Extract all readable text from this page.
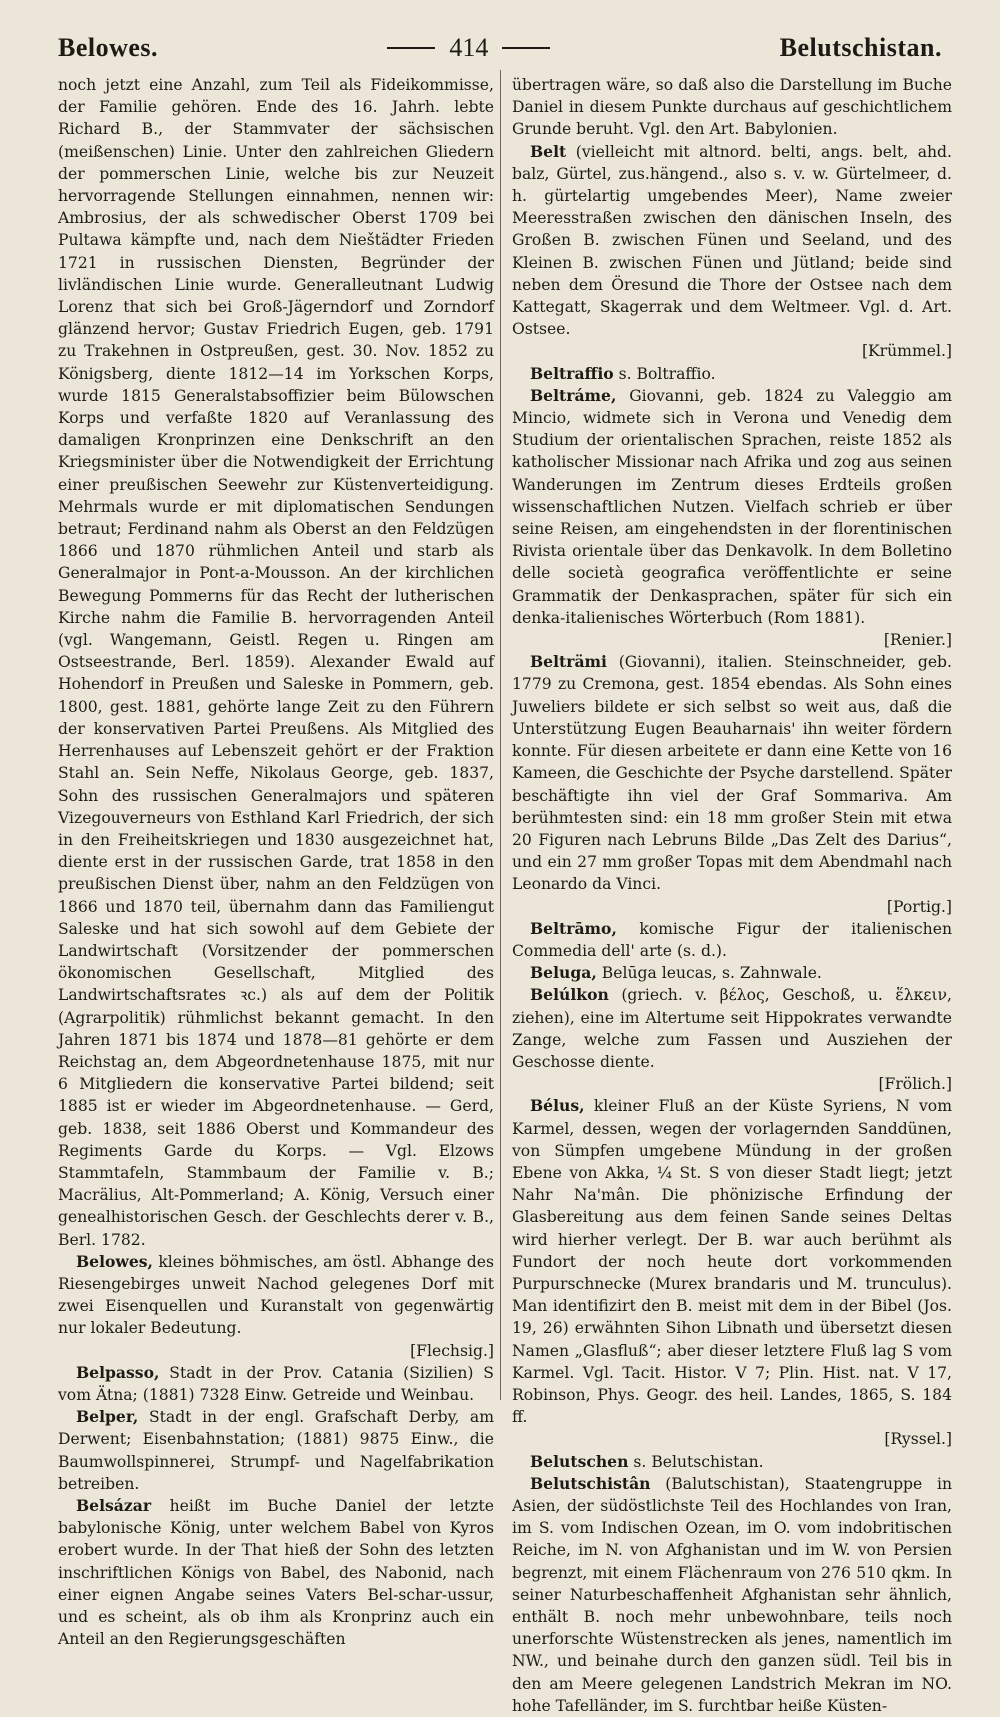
Belowes.	414	Belutschistan.

noch jetzt eine Anzahl, zum Teil als Fideikommisse, der Familie gehören. Ende des 16. Jahrh. lebte Richard B., der Stammvater der sächsischen (meißenschen) Linie. Unter den zahlreichen Gliedern der pommerschen Linie, welche bis zur Neuzeit hervorragende Stellungen einnahmen, nennen wir: Ambrosius, der als schwedischer Oberst 1709 bei Pultawa kämpfte und, nach dem Nieštädter Frieden 1721 in russischen Diensten, Begründer der livländischen Linie wurde. Generalleutnant Ludwig Lorenz that sich bei Groß-Jägerndorf und Zorndorf glänzend hervor; Gustav Friedrich Eugen, geb. 1791 zu Trakehnen in Ostpreußen, gest. 30. Nov. 1852 zu Königsberg, diente 1812—14 im Yorkschen Korps, wurde 1815 Generalstabsoffizier beim Bülowschen Korps und verfaßte 1820 auf Veranlassung des damaligen Kronprinzen eine Denkschrift an den Kriegsminister über die Notwendigkeit der Errichtung einer preußischen Seewehr zur Küstenverteidigung. Mehrmals wurde er mit diplomatischen Sendungen betraut; Ferdinand nahm als Oberst an den Feldzügen 1866 und 1870 rühmlichen Anteil und starb als Generalmajor in Pont-a-Mousson. An der kirchlichen Bewegung Pommerns für das Recht der lutherischen Kirche nahm die Familie B. hervorragenden Anteil (vgl. Wangemann, Geistl. Regen u. Ringen am Ostseestrande, Berl. 1859). Alexander Ewald auf Hohendorf in Preußen und Saleske in Pommern, geb. 1800, gest. 1881, gehörte lange Zeit zu den Führern der konservativen Partei Preußens. Als Mitglied des Herrenhauses auf Lebenszeit gehört er der Fraktion Stahl an. Sein Neffe, Nikolaus George, geb. 1837, Sohn des russischen Generalmajors und späteren Vizegouverneurs von Esthland Karl Friedrich, der sich in den Freiheitskriegen und 1830 ausgezeichnet hat, diente erst in der russischen Garde, trat 1858 in den preußischen Dienst über, nahm an den Feldzügen von 1866 und 1870 teil, übernahm dann das Familiengut Saleske und hat sich sowohl auf dem Gebiete der Landwirtschaft (Vorsitzender der pommerschen ökonomischen Gesellschaft, Mitglied des Landwirtschaftsrates ꝛc.) als auf dem der Politik (Agrarpolitik) rühmlichst bekannt gemacht. In den Jahren 1871 bis 1874 und 1878—81 gehörte er dem Reichstag an, dem Abgeordnetenhause 1875, mit nur 6 Mitgliedern die konservative Partei bildend; seit 1885 ist er wieder im Abgeordnetenhause. — Gerd, geb. 1838, seit 1886 Oberst und Kommandeur des Regiments Garde du Korps. — Vgl. Elzows Stammtafeln, Stammbaum der Familie v. B.; Macrälius, Alt-Pommerland; A. König, Versuch einer genealhistorischen Gesch. der Geschlechts derer v. B., Berl. 1782.

Belowes, kleines böhmisches, am östl. Abhange des Riesengebirges unweit Nachod gelegenes Dorf mit zwei Eisenquellen und Kuranstalt von gegenwärtig nur lokaler Bedeutung.
[Flechsig.]

Belpasso, Stadt in der Prov. Catania (Sizilien) S vom Ätna; (1881) 7328 Einw. Getreide und Weinbau.

Belper, Stadt in der engl. Grafschaft Derby, am Derwent; Eisenbahnstation; (1881) 9875 Einw., die Baumwollspinnerei, Strumpf- und Nagelfabrikation betreiben.

Belsázar heißt im Buche Daniel der letzte babylonische König, unter welchem Babel von Kyros erobert wurde. In der That hieß der Sohn des letzten inschriftlichen Königs von Babel, des Nabonid, nach einer eignen Angabe seines Vaters Bel-schar-ussur, und es scheint, als ob ihm als Kronprinz auch ein Anteil an den Regierungsgeschäften

übertragen wäre, so daß also die Darstellung im Buche Daniel in diesem Punkte durchaus auf geschichtlichem Grunde beruht. Vgl. den Art. Babylonien.

Belt (vielleicht mit altnord. belti, angs. belt, ahd. balz, Gürtel, zus.hängend., also s. v. w. Gürtelmeer, d. h. gürtelartig umgebendes Meer), Name zweier Meeresstraßen zwischen den dänischen Inseln, des Großen B. zwischen Fünen und Seeland, und des Kleinen B. zwischen Fünen und Jütland; beide sind neben dem Öresund die Thore der Ostsee nach dem Kattegatt, Skagerrak und dem Weltmeer. Vgl. d. Art. Ostsee.
[Krümmel.]

Beltraffio s. Boltraffio.

Beltráme, Giovanni, geb. 1824 zu Valeggio am Mincio, widmete sich in Verona und Venedig dem Studium der orientalischen Sprachen, reiste 1852 als katholischer Missionar nach Afrika und zog aus seinen Wanderungen im Zentrum dieses Erdteils großen wissenschaftlichen Nutzen. Vielfach schrieb er über seine Reisen, am eingehendsten in der florentinischen Rivista orientale über das Denkavolk. In dem Bolletino delle società geografica veröffentlichte er seine Grammatik der Denkasprachen, später für sich ein denka-italienisches Wörterbuch (Rom 1881).
[Renier.]

Belträmi (Giovanni), italien. Steinschneider, geb. 1779 zu Cremona, gest. 1854 ebendas. Als Sohn eines Juweliers bildete er sich selbst so weit aus, daß die Unterstützung Eugen Beauharnais' ihn weiter fördern konnte. Für diesen arbeitete er dann eine Kette von 16 Kameen, die Geschichte der Psyche darstellend. Später beschäftigte ihn viel der Graf Sommariva. Am berühmtesten sind: ein 18 mm großer Stein mit etwa 20 Figuren nach Lebruns Bilde „Das Zelt des Darius“, und ein 27 mm großer Topas mit dem Abendmahl nach Leonardo da Vinci.
[Portig.]

Beltrāmo, komische Figur der italienischen Commedia dell' arte (s. d.).

Beluga, Belūga leucas, s. Zahnwale.

Belúlkon (griech. v. βέλος, Geschoß, u. ἕλκειν, ziehen), eine im Altertume seit Hippokrates verwandte Zange, welche zum Fassen und Ausziehen der Geschosse diente.
[Frölich.]

Bélus, kleiner Fluß an der Küste Syriens, N vom Karmel, dessen, wegen der vorlagernden Sanddünen, von Sümpfen umgebene Mündung in der großen Ebene von Akka, ¼ St. S von dieser Stadt liegt; jetzt Nahr Na'mân. Die phönizische Erfindung der Glasbereitung aus dem feinen Sande seines Deltas wird hierher verlegt. Der B. war auch berühmt als Fundort der noch heute dort vorkommenden Purpurschnecke (Murex brandaris und M. trunculus). Man identifizirt den B. meist mit dem in der Bibel (Jos. 19, 26) erwähnten Sihon Libnath und übersetzt diesen Namen „Glasfluß“; aber dieser letztere Fluß lag S vom Karmel. Vgl. Tacit. Histor. V 7; Plin. Hist. nat. V 17, Robinson, Phys. Geogr. des heil. Landes, 1865, S. 184 ff.
[Ryssel.]

Belutschen s. Belutschistan.

Belutschistân (Balutschistan), Staatengruppe in Asien, der südöstlichste Teil des Hochlandes von Iran, im S. vom Indischen Ozean, im O. vom indobritischen Reiche, im N. von Afghanistan und im W. von Persien begrenzt, mit einem Flächenraum von 276 510 qkm. In seiner Naturbeschaffenheit Afghanistan sehr ähnlich, enthält B. noch mehr unbewohnbare, teils noch unerforschte Wüstenstrecken als jenes, namentlich im NW., und beinahe durch den ganzen südl. Teil bis in den am Meere gelegenen Landstrich Mekran im NO. hohe Tafelländer, im S. furchtbar heiße Küsten-
